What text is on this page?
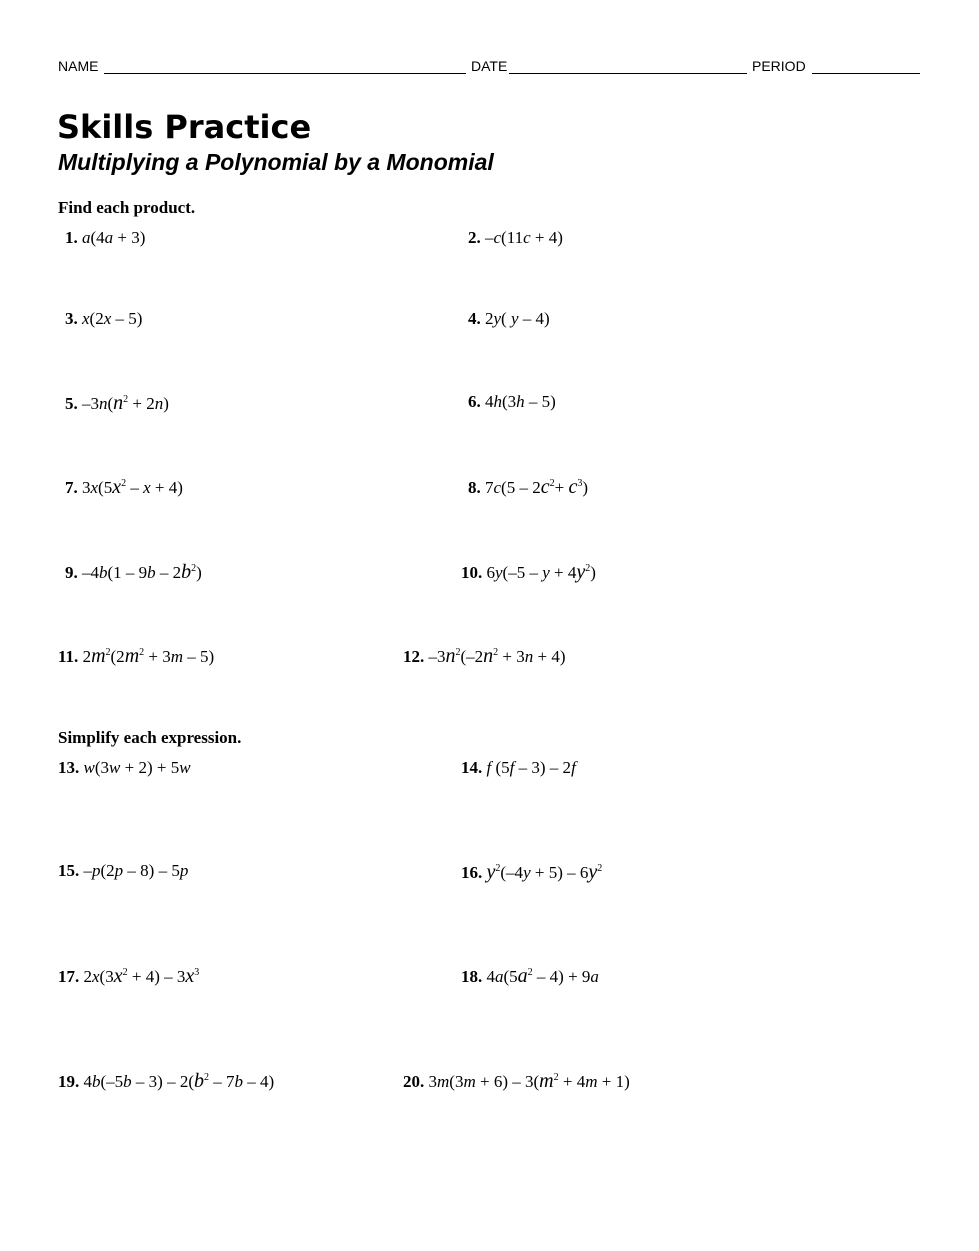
NAME	DATE	PERIOD
Skills Practice
Multiplying a Polynomial by a Monomial
Find each product.
1. a(4a + 3)	2. –c(11c + 4)
3. x(2x – 5)	4. 2y( y – 4)
5. $-3n(n^2 + 2n)$	6. 4h(3h – 5)
7. $3x(5x^2 - x + 4)$	8. $7c(5 - 2c^2+ c^3)$
9. $-4b(1 - 9b - 2b^2)$	10. $6y(-5 - y + 4y^2)$
11. $2m^2(2m^2 + 3m - 5)$	12. $-3n^2(-2n^2 + 3n + 4)$
Simplify each expression.
13. w(3w + 2) + 5w	14. f (5f – 3) – 2f
15. –p(2p – 8) – 5p	16. $y^2(-4y + 5) - 6y^2$
17. $2x(3x^2 + 4) - 3x^3$	18. $4a(5a^2 - 4) + 9a$
19. $4b(-5b - 3) - 2(b^2 - 7b - 4)$	20. $3m(3m + 6) - 3(m^2 + 4m + 1)$
